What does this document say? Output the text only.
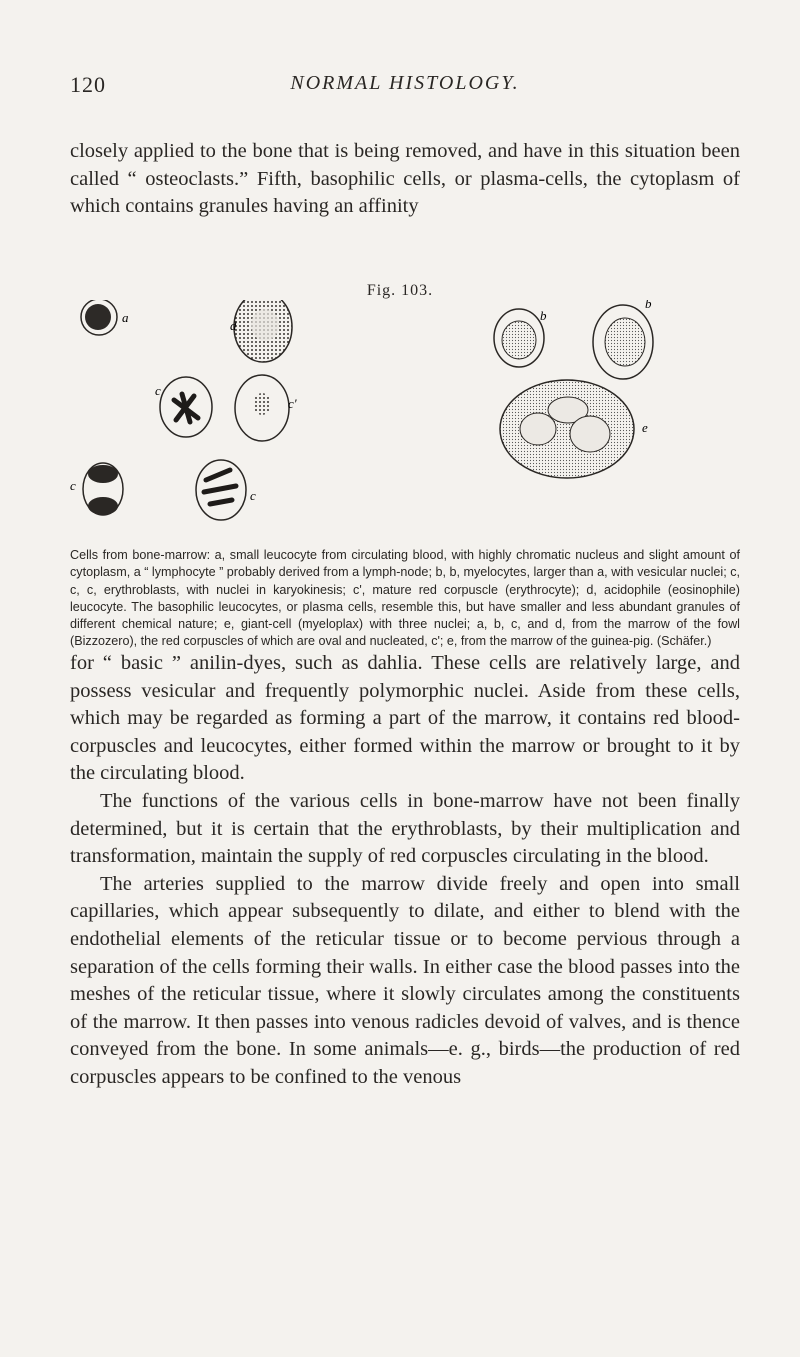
120	NORMAL HISTOLOGY.

closely applied to the bone that is being removed, and have in this situation been called “ osteoclasts.” Fifth, basophilic cells, or plasma-cells, the cytoplasm of which contains granules having an affinity

Fig. 103.
a
d
b
b
c
c'
c
c
e

Cells from bone-marrow: a, small leucocyte from circulating blood, with highly chromatic nucleus and slight amount of cytoplasm, a “ lymphocyte ” probably derived from a lymph-node; b, b, myelocytes, larger than a, with vesicular nuclei; c, c, c, erythroblasts, with nuclei in karyokinesis; c', mature red corpuscle (erythrocyte); d, acidophile (eosinophile) leucocyte. The basophilic leucocytes, or plasma cells, resemble this, but have smaller and less abundant granules of different chemical nature; e, giant-cell (myeloplax) with three nuclei; a, b, c, and d, from the marrow of the fowl (Bizzozero), the red corpuscles of which are oval and nucleated, c'; e, from the marrow of the guinea-pig. (Schäfer.)

for “ basic ” anilin-dyes, such as dahlia. These cells are relatively large, and possess vesicular and frequently polymorphic nuclei. Aside from these cells, which may be regarded as forming a part of the marrow, it contains red blood-corpuscles and leucocytes, either formed within the marrow or brought to it by the circulating blood.

The functions of the various cells in bone-marrow have not been finally determined, but it is certain that the erythroblasts, by their multiplication and transformation, maintain the supply of red corpuscles circulating in the blood.

The arteries supplied to the marrow divide freely and open into small capillaries, which appear subsequently to dilate, and either to blend with the endothelial elements of the reticular tissue or to become pervious through a separation of the cells forming their walls. In either case the blood passes into the meshes of the reticular tissue, where it slowly circulates among the constituents of the marrow. It then passes into venous radicles devoid of valves, and is thence conveyed from the bone. In some animals—e. g., birds—the production of red corpuscles appears to be confined to the venous
